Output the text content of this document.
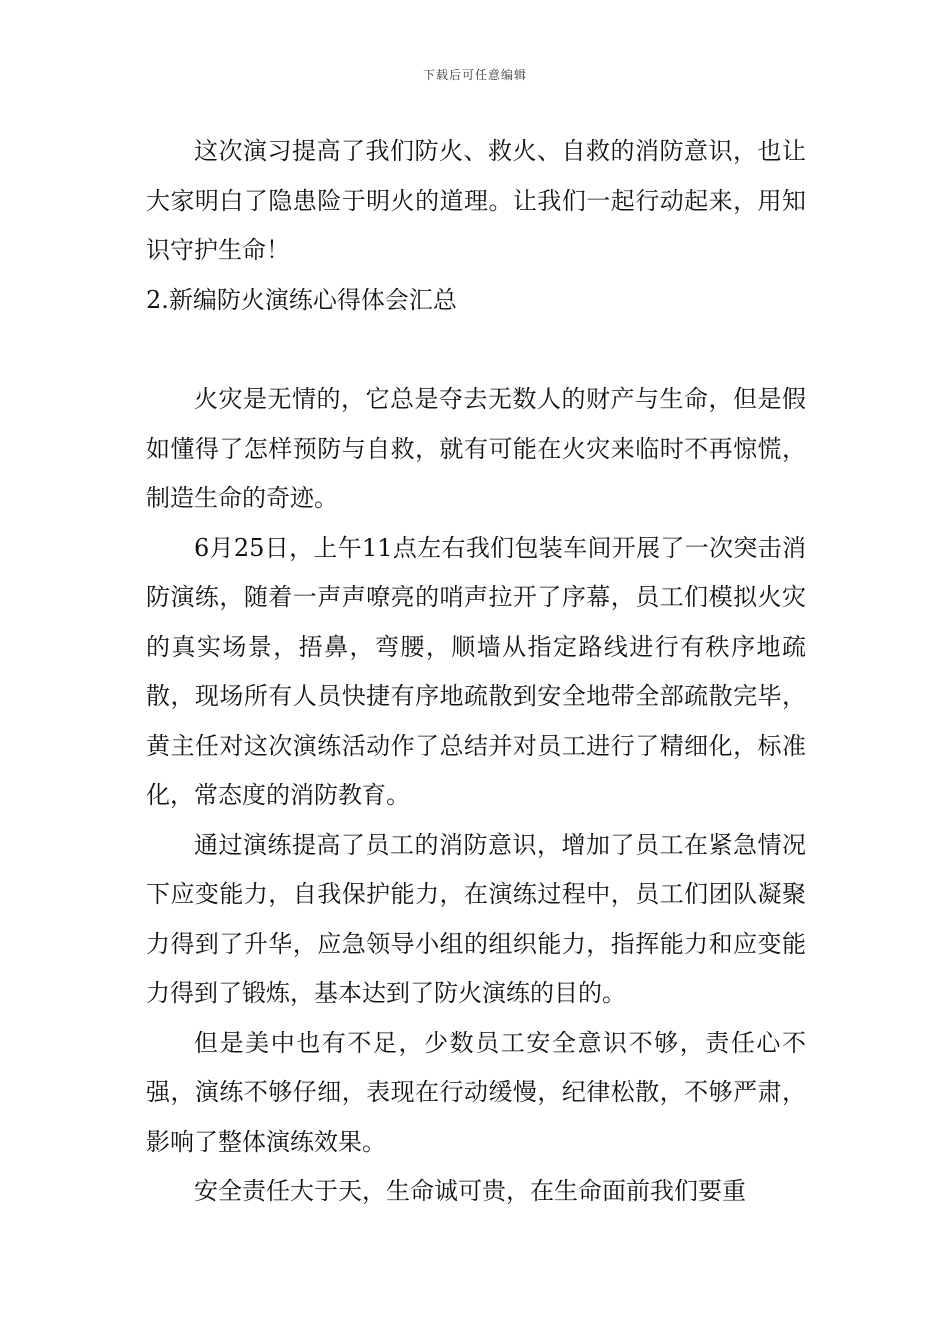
下载后可任意编辑

这次演习提高了我们防火、救火、自救的消防意识，也让大家明白了隐患险于明火的道理。让我们一起行动起来，用知识守护生命！

2.新编防火演练心得体会汇总

火灾是无情的，它总是夺去无数人的财产与生命，但是假如懂得了怎样预防与自救，就有可能在火灾来临时不再惊慌，制造生命的奇迹。

6月25日，上午11点左右我们包装车间开展了一次突击消防演练，随着一声声嘹亮的哨声拉开了序幕，员工们模拟火灾的真实场景，捂鼻，弯腰，顺墙从指定路线进行有秩序地疏散，现场所有人员快捷有序地疏散到安全地带全部疏散完毕，黄主任对这次演练活动作了总结并对员工进行了精细化，标准化，常态度的消防教育。

通过演练提高了员工的消防意识，增加了员工在紧急情况下应变能力，自我保护能力，在演练过程中，员工们团队凝聚力得到了升华，应急领导小组的组织能力，指挥能力和应变能力得到了锻炼，基本达到了防火演练的目的。

但是美中也有不足，少数员工安全意识不够，责任心不强，演练不够仔细，表现在行动缓慢，纪律松散，不够严肃，影响了整体演练效果。

安全责任大于天，生命诚可贵，在生命面前我们要重
